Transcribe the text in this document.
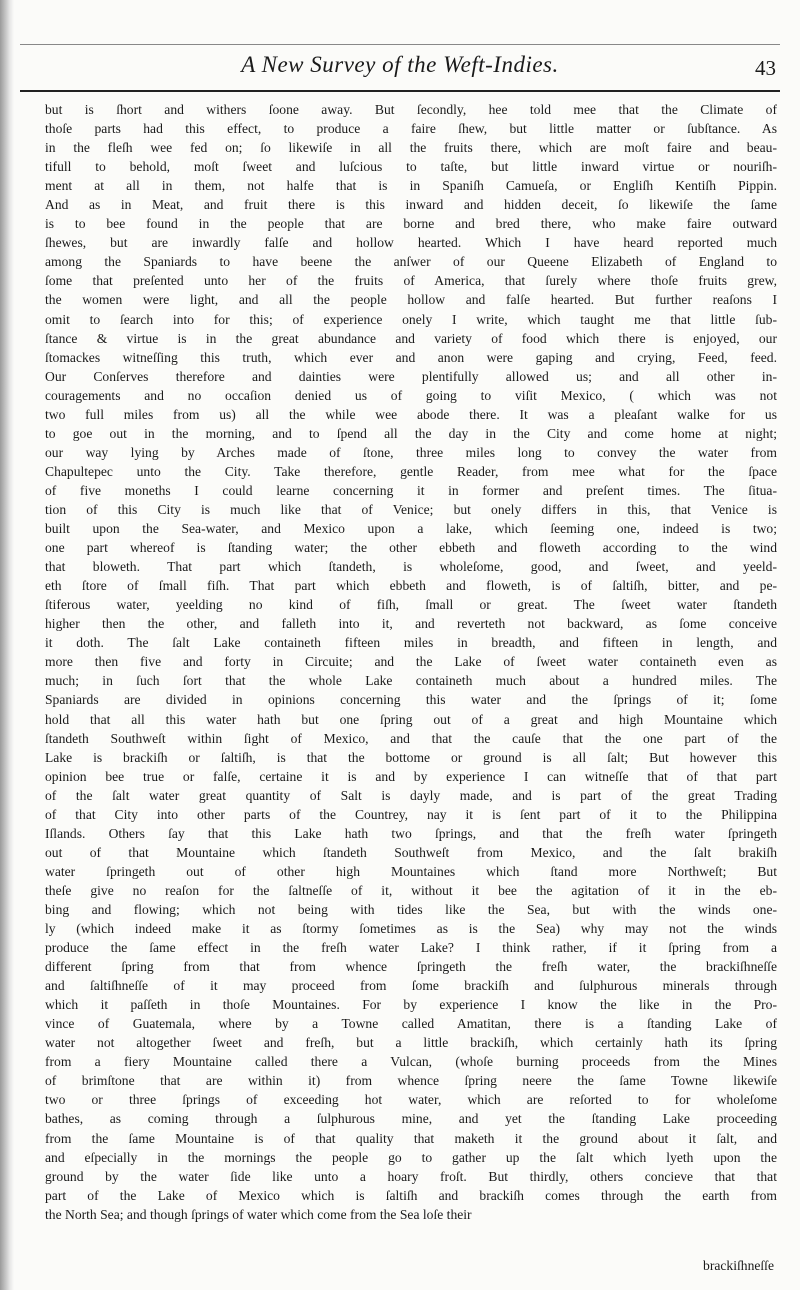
A New Survey of the Weft-Indies.	43
but is ſhort and withers ſoone away. But ſecondly, hee told mee that the Climate of
thoſe parts had this effect, to produce a faire ſhew, but little matter or ſubſtance. As
in the fleſh wee fed on; ſo likewiſe in all the fruits there, which are moſt faire and beau-
tifull to behold, moſt ſweet and luſcious to taſte, but little inward virtue or nouriſh-
ment at all in them, not halfe that is in Spaniſh Camueſa, or Engliſh Kentiſh Pippin.
And as in Meat, and fruit there is this inward and hidden deceit, ſo likewiſe the ſame
is to bee found in the people that are borne and bred there, who make faire outward
ſhewes, but are inwardly falſe and hollow hearted. Which I have heard reported much
among the Spaniards to have beene the anſwer of our Queene Elizabeth of England to
ſome that preſented unto her of the fruits of America, that ſurely where thoſe fruits grew,
the women were light, and all the people hollow and falſe hearted. But further reaſons I
omit to ſearch into for this; of experience onely I write, which taught me that little ſub-
ſtance & virtue is in the great abundance and variety of food which there is enjoyed, our
ſtomackes witneſſing this truth, which ever and anon were gaping and crying, Feed, feed.
Our Conſerves therefore and dainties were plentifully allowed us; and all other in-
couragements and no occaſion denied us of going to viſit Mexico, ( which was not
two full miles from us) all the while wee abode there. It was a pleaſant walke for us
to goe out in the morning, and to ſpend all the day in the City and come home at night;
our way lying by Arches made of ſtone, three miles long to convey the water from
Chapultepec unto the City. Take therefore, gentle Reader, from mee what for the ſpace
of five moneths I could learne concerning it in former and preſent times. The ſitua-
tion of this City is much like that of Venice; but onely differs in this, that Venice is
built upon the Sea-water, and Mexico upon a lake, which ſeeming one, indeed is two;
one part whereof is ſtanding water; the other ebbeth and floweth according to the wind
that bloweth. That part which ſtandeth, is wholeſome, good, and ſweet, and yeeld-
eth ſtore of ſmall fiſh. That part which ebbeth and floweth, is of ſaltiſh, bitter, and pe-
ſtiferous water, yeelding no kind of fiſh, ſmall or great. The ſweet water ſtandeth
higher then the other, and falleth into it, and reverteth not backward, as ſome conceive
it doth. The ſalt Lake containeth fifteen miles in breadth, and fifteen in length, and
more then five and forty in Circuite; and the Lake of ſweet water containeth even as
much; in ſuch ſort that the whole Lake containeth much about a hundred miles. The
Spaniards are divided in opinions concerning this water and the ſprings of it; ſome
hold that all this water hath but one ſpring out of a great and high Mountaine which
ſtandeth Southweſt within ſight of Mexico, and that the cauſe that the one part of the
Lake is brackiſh or ſaltiſh, is that the bottome or ground is all ſalt; But however this
opinion bee true or falſe, certaine it is and by experience I can witneſſe that of that part
of the ſalt water great quantity of Salt is dayly made, and is part of the great Trading
of that City into other parts of the Countrey, nay it is ſent part of it to the Philippina
Iſlands. Others ſay that this Lake hath two ſprings, and that the freſh water ſpringeth
out of that Mountaine which ſtandeth Southweſt from Mexico, and the ſalt brakiſh
water ſpringeth out of other high Mountaines which ſtand more Northweſt; But
theſe give no reaſon for the ſaltneſſe of it, without it bee the agitation of it in the eb-
bing and flowing; which not being with tides like the Sea, but with the winds one-
ly (which indeed make it as ſtormy ſometimes as is the Sea) why may not the winds
produce the ſame effect in the freſh water Lake? I think rather, if it ſpring from a
different ſpring from that from whence ſpringeth the freſh water, the brackiſhneſſe
and ſaltiſhneſſe of it may proceed from ſome brackiſh and ſulphurous minerals through
which it paſſeth in thoſe Mountaines. For by experience I know the like in the Pro-
vince of Guatemala, where by a Towne called Amatitan, there is a ſtanding Lake of
water not altogether ſweet and freſh, but a little brackiſh, which certainly hath its ſpring
from a fiery Mountaine called there a Vulcan, (whoſe burning proceeds from the Mines
of brimſtone that are within it) from whence ſpring neere the ſame Towne likewiſe
two or three ſprings of exceeding hot water, which are reſorted to for wholeſome
bathes, as coming through a ſulphurous mine, and yet the ſtanding Lake proceeding
from the ſame Mountaine is of that quality that maketh it the ground about it ſalt, and
and eſpecially in the mornings the people go to gather up the ſalt which lyeth upon the
ground by the water ſide like unto a hoary froſt. But thirdly, others concieve that that
part of the Lake of Mexico which is ſaltiſh and brackiſh comes through the earth from
the North Sea; and though ſprings of water which come from the Sea loſe their
brackiſhneſſe
